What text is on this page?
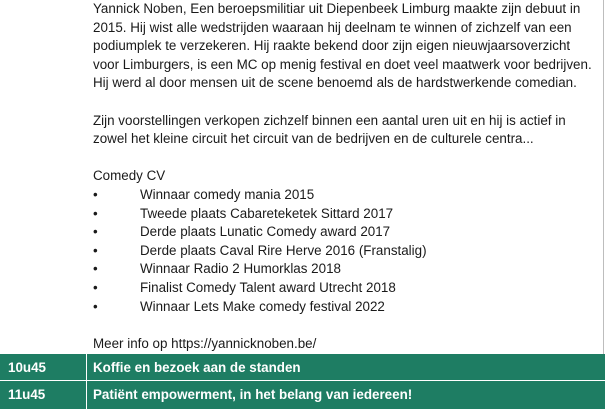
Yannick Noben, Een beroepsmilitiar uit Diepenbeek Limburg maakte zijn debuut in
2015. Hij wist alle wedstrijden waaraan hij deelnam te winnen of zichzelf van een
podiumplek te verzekeren. Hij raakte bekend door zijn eigen nieuwjaarsoverzicht
voor Limburgers, is een MC op menig festival en doet veel maatwerk voor bedrijven.
Hij werd al door mensen uit de scene benoemd als de hardstwerkende comedian.
Zijn voorstellingen verkopen zichzelf binnen een aantal uren uit en hij is actief in
zowel het kleine circuit het circuit van de bedrijven en de culturele centra...
Comedy CV
•	Winnaar comedy mania 2015
•	Tweede plaats Cabareteketek Sittard 2017
•	Derde plaats Lunatic Comedy award 2017
•	Derde plaats Caval Rire Herve 2016 (Franstalig)
•	Winnaar Radio 2 Humorklas 2018
•	Finalist Comedy Talent award Utrecht 2018
•	Winnaar Lets Make comedy festival 2022
Meer info op https://yannicknoben.be/
10u45	Koffie en bezoek aan de standen
11u45	Patiënt empowerment, in het belang van iedereen!
